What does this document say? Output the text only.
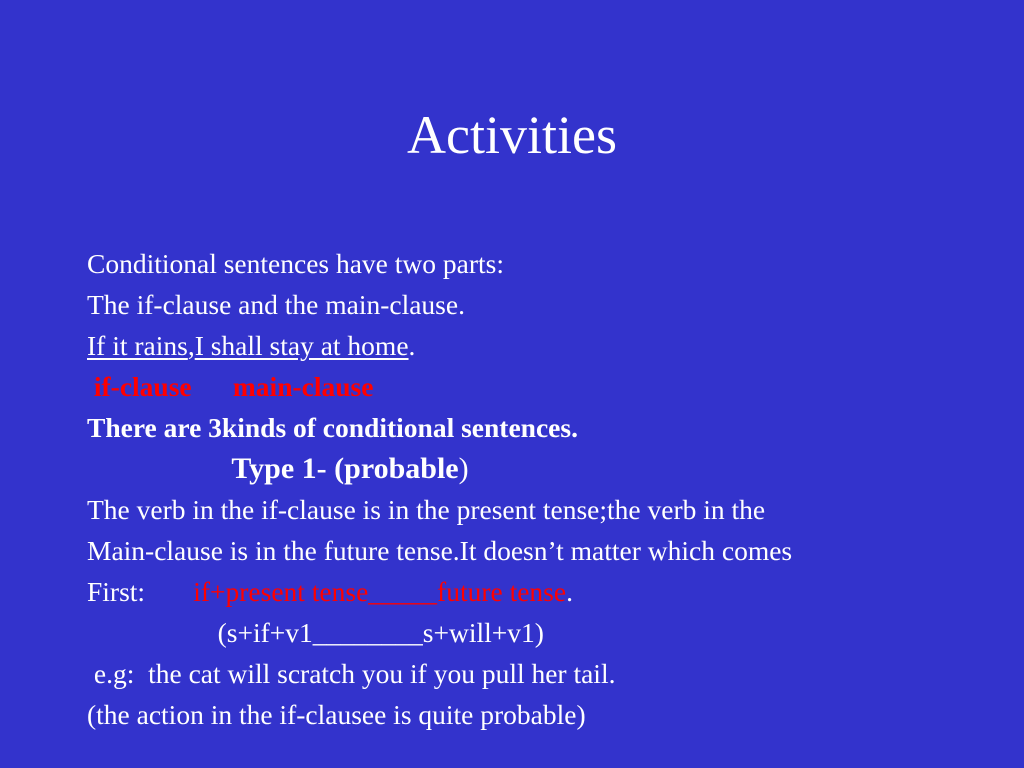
Activities
Conditional sentences have two parts:
The if-clause and the main-clause.
If it rains,I shall stay at home.
if-clause main-clause
There are 3kinds of conditional sentences.
Type 1- (probable)
The verb in the if-clause is in the present tense;the verb in the
Main-clause is in the future tense.It doesn’t matter which comes
First:       if+present tense_____future tense.
(s+if+v1________s+will+v1)
e.g:  the cat will scratch you if you pull her tail.
(the action in the if-clausee is quite probable)
